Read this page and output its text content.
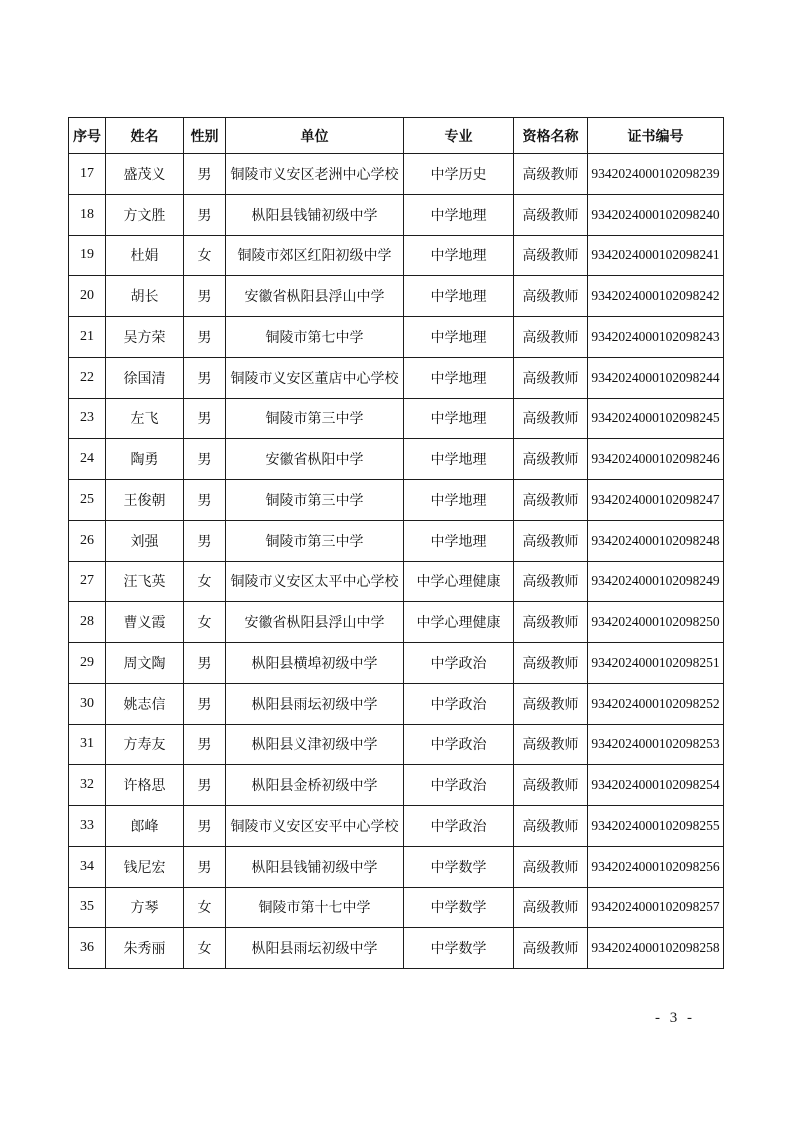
序号	姓名	性别	单位	专业	资格名称	证书编号
17	盛茂义	男	铜陵市义安区老洲中心学校	中学历史	高级教师	9342024000102098239
18	方文胜	男	枞阳县钱铺初级中学	中学地理	高级教师	9342024000102098240
19	杜娟	女	铜陵市郊区红阳初级中学	中学地理	高级教师	9342024000102098241
20	胡长	男	安徽省枞阳县浮山中学	中学地理	高级教师	9342024000102098242
21	吴方荣	男	铜陵市第七中学	中学地理	高级教师	9342024000102098243
22	徐国清	男	铜陵市义安区董店中心学校	中学地理	高级教师	9342024000102098244
23	左飞	男	铜陵市第三中学	中学地理	高级教师	9342024000102098245
24	陶勇	男	安徽省枞阳中学	中学地理	高级教师	9342024000102098246
25	王俊朝	男	铜陵市第三中学	中学地理	高级教师	9342024000102098247
26	刘强	男	铜陵市第三中学	中学地理	高级教师	9342024000102098248
27	汪飞英	女	铜陵市义安区太平中心学校	中学心理健康	高级教师	9342024000102098249
28	曹义霞	女	安徽省枞阳县浮山中学	中学心理健康	高级教师	9342024000102098250
29	周文陶	男	枞阳县横埠初级中学	中学政治	高级教师	9342024000102098251
30	姚志信	男	枞阳县雨坛初级中学	中学政治	高级教师	9342024000102098252
31	方寿友	男	枞阳县义津初级中学	中学政治	高级教师	9342024000102098253
32	许格思	男	枞阳县金桥初级中学	中学政治	高级教师	9342024000102098254
33	郎峰	男	铜陵市义安区安平中心学校	中学政治	高级教师	9342024000102098255
34	钱尼宏	男	枞阳县钱铺初级中学	中学数学	高级教师	9342024000102098256
35	方琴	女	铜陵市第十七中学	中学数学	高级教师	9342024000102098257
36	朱秀丽	女	枞阳县雨坛初级中学	中学数学	高级教师	9342024000102098258
- 3 -
